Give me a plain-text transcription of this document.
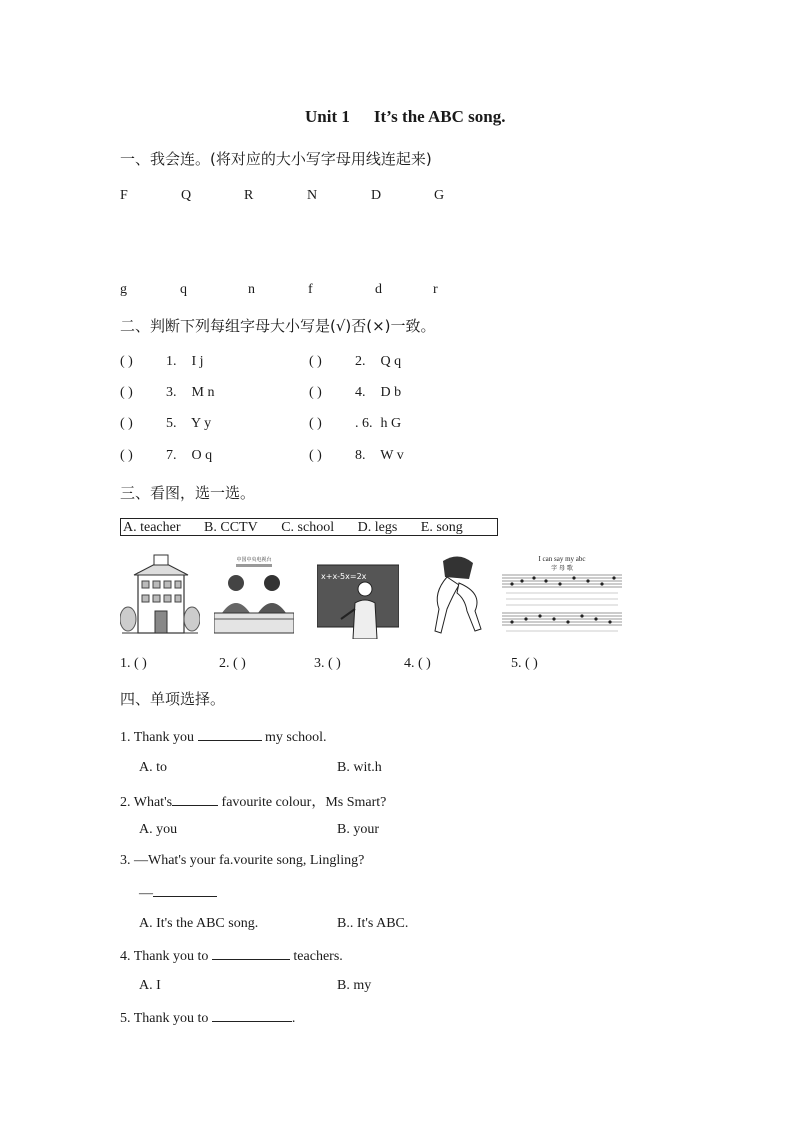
Unit 1 It’s the ABC song.
一、我会连。(将对应的大小写字母用线连起来)
F	Q	R	N	D	G
g	q	n	f	d	r
二、判断下列每组字母大小写是(√)否(×)一致。
( ) 1. I j	( ) 2. Q q
( ) 3. M n	( ) 4. D b
( ) 5. Y y	( ) . 6. h G
( ) 7. O q	( ) 8. W v
三、看图，选一选。
A. teacher B. CCTV C. school D. legs E. song
中国中央电视台
x+x-5x=2x
I can say my abc
字 母 歌
1. ( )	2. ( )	3. ( )	4. ( )	5. ( )
四、单项选择。
1. Thank you	my school.
A. to	B. wit.h
2. What's	favourite colour，Ms Smart?
A. you	B. your
3. —What's your fa.vourite song, Lingling?
—
A. It's the ABC song.	B.. It's ABC.
4. Thank you to	teachers.
A. I	B. my
5. Thank you to	.
